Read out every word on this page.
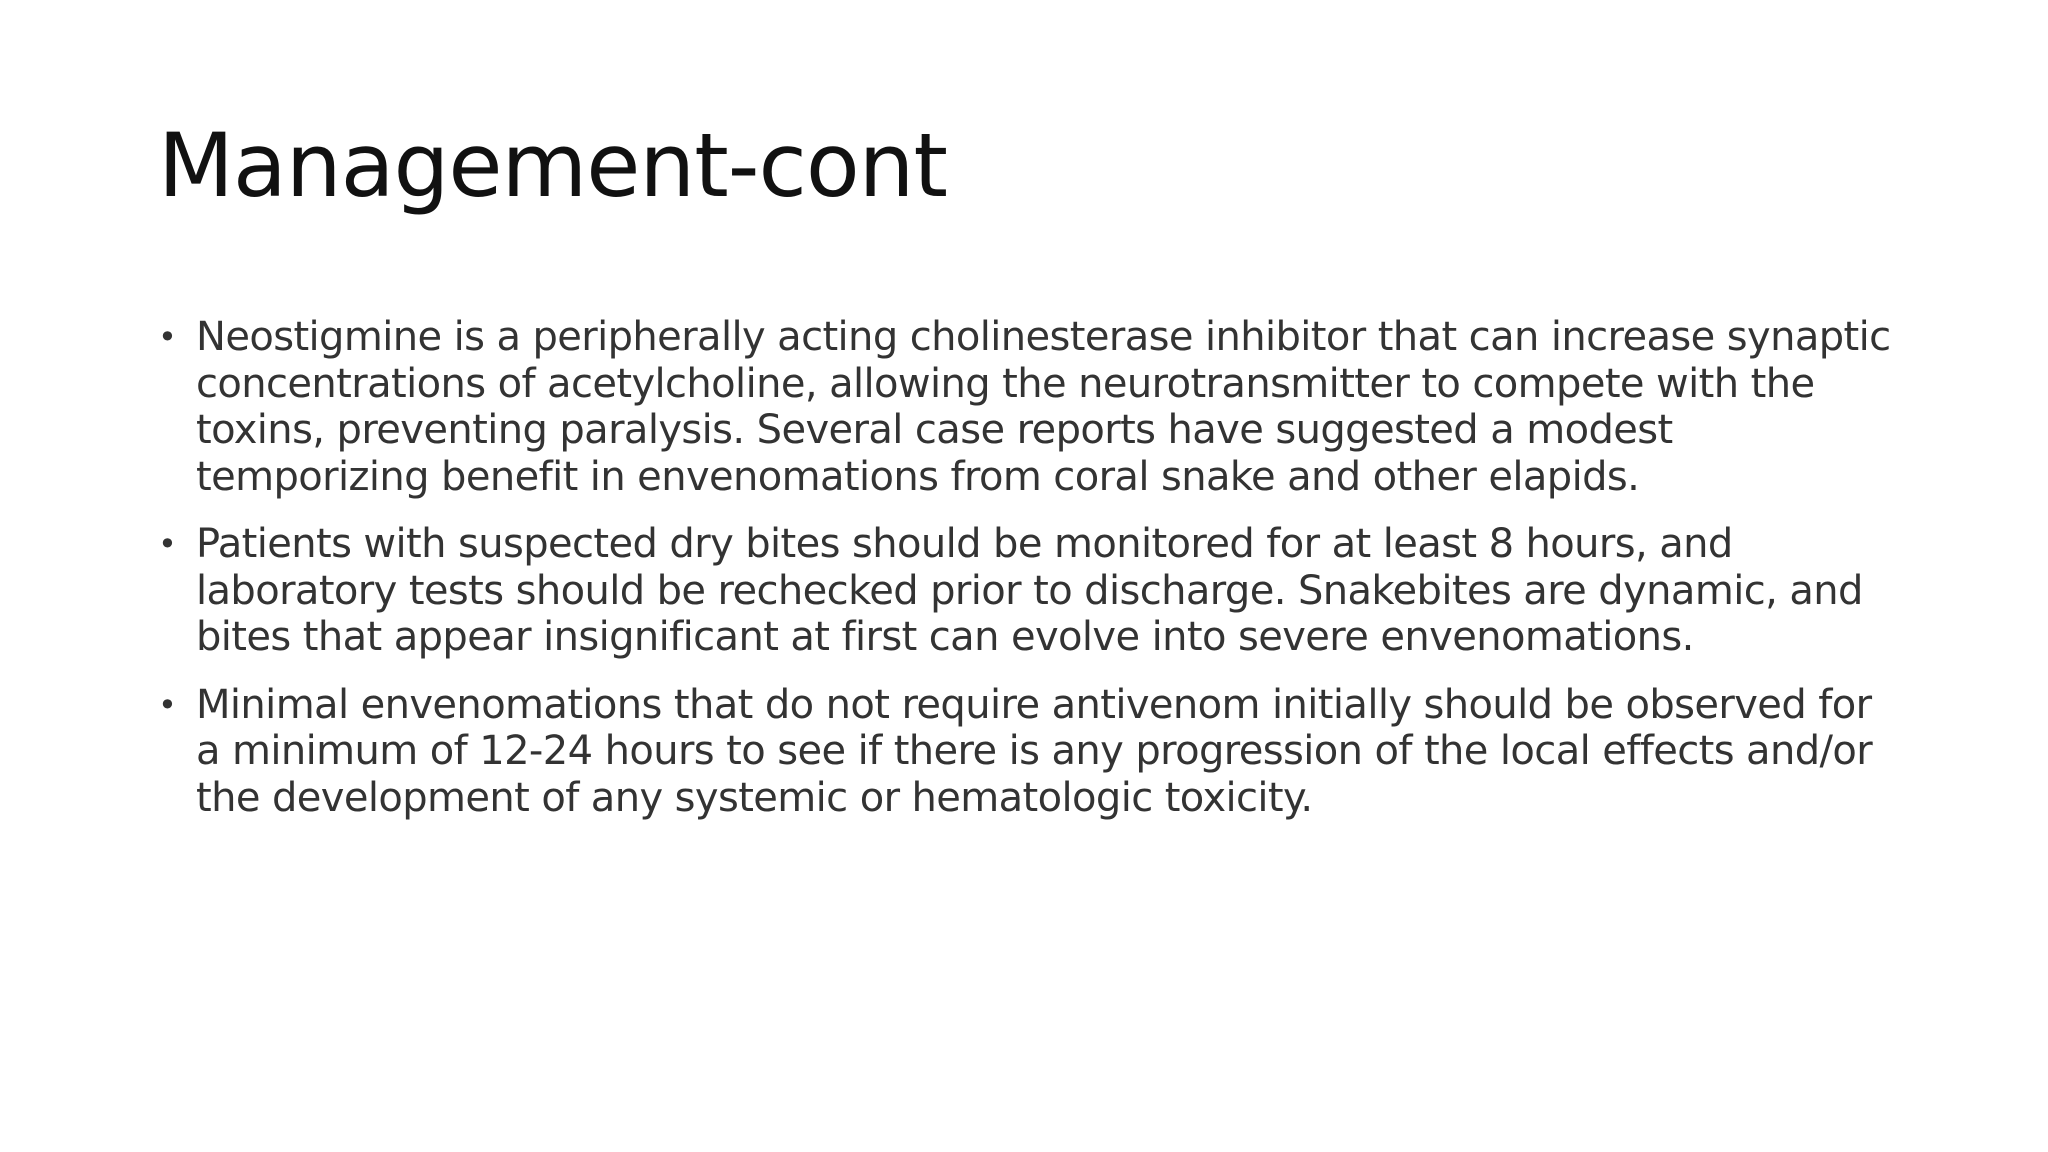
Management-cont
• Neostigmine is a peripherally acting cholinesterase inhibitor that can increase synaptic concentrations of acetylcholine, allowing the neurotransmitter to compete with the toxins, preventing paralysis. Several case reports have suggested a modest temporizing benefit in envenomations from coral snake and other elapids.
• Patients with suspected dry bites should be monitored for at least 8 hours, and laboratory tests should be rechecked prior to discharge. Snakebites are dynamic, and bites that appear insignificant at first can evolve into severe envenomations.
• Minimal envenomations that do not require antivenom initially should be observed for a minimum of 12-24 hours to see if there is any progression of the local effects and/or the development of any systemic or hematologic toxicity.
